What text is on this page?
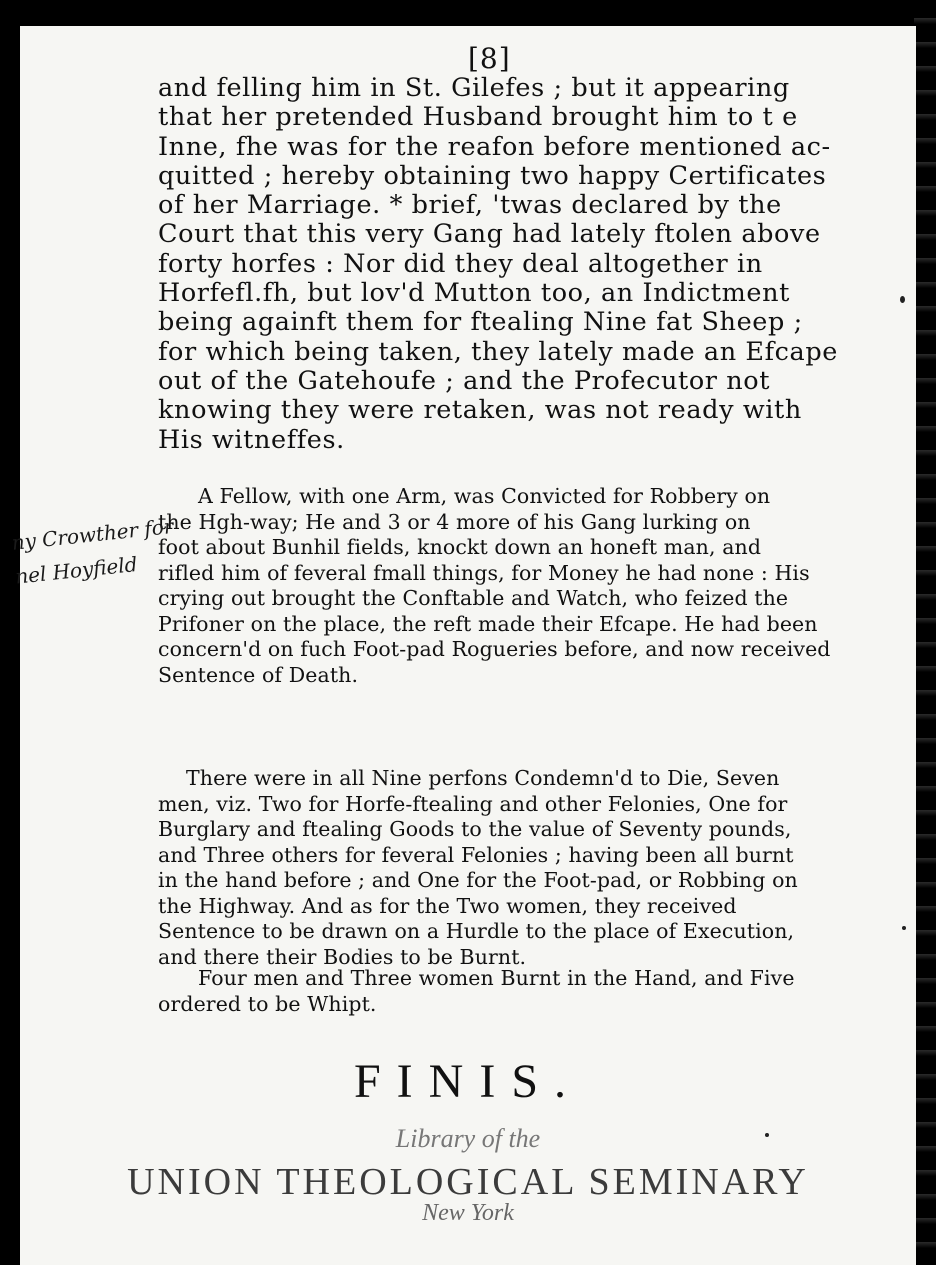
[8]
and felling him in St. Gilefes ; but it appearing
that her pretended Husband brought him to t e
Inne, fhe was for the reafon before mentioned ac-
quitted ; hereby obtaining two happy Certificates
of her Marriage. * brief, 'twas declared by the
Court that this very Gang had lately ftolen above
forty horfes : Nor did they deal altogether in
Horfefl.fh, but lov'd Mutton too, an Indictment
being againft them for ftealing Nine fat Sheep ;
for which being taken, they lately made an Efcape
out of the Gatehoufe ; and the Profecutor not
knowing they were retaken, was not ready with
His witneffes.
A Fellow, with one Arm, was Convicted for Robbery on
the Hgh-way; He and 3 or 4 more of his Gang lurking on
foot about Bunhil fields, knockt down an honeft man, and
rifled him of feveral fmall things, for Money he had none : His
crying out brought the Conftable and Watch, who feized the
Prifoner on the place, the reft made their Efcape. He had been
concern'd on fuch Foot-pad Rogueries before, and now received
Sentence of Death.
There were in all Nine perfons Condemn'd to Die, Seven
men, viz. Two for Horfe-ftealing and other Felonies, One for
Burglary and ftealing Goods to the value of Seventy pounds,
and Three others for feveral Felonies ; having been all burnt
in the hand before ; and One for the Foot-pad, or Robbing on
the Highway. And as for the Two women, they received
Sentence to be drawn on a Hurdle to the place of Execution,
and there their Bodies to be Burnt.
Four men and Three women Burnt in the Hand, and Five
ordered to be Whipt.
ny Crowther for
nel Hoyfield
FINIS.
Library of the
UNION THEOLOGICAL SEMINARY
New York
